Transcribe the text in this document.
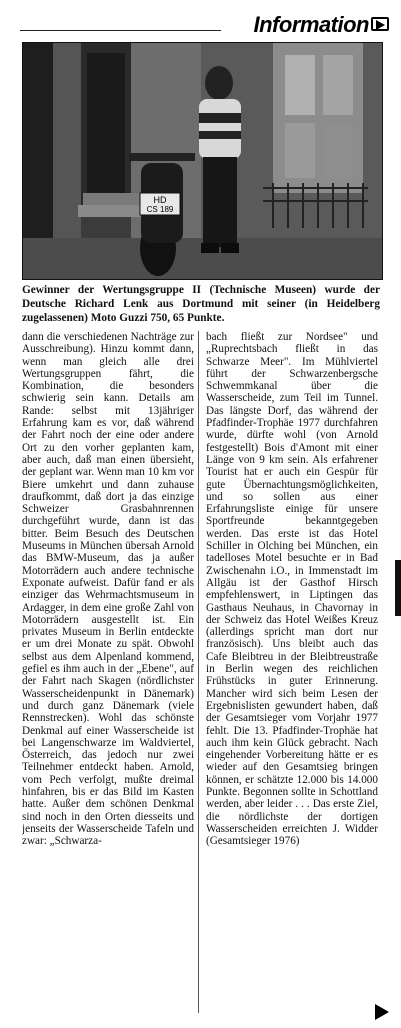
Information
HD
CS 189
Gewinner der Wertungsgruppe II (Technische Museen) wurde der Deutsche Richard Lenk aus Dortmund mit seiner (in Heidelberg zugelassenen) Moto Guzzi 750, 65 Punkte.
dann die verschiedenen Nachträge zur Ausschreibung). Hinzu kommt dann, wenn man gleich alle drei Wertungsgruppen fährt, die Kombination, die besonders schwierig sein kann. Details am Rande: selbst mit 13jähriger Erfahrung kam es vor, daß während der Fahrt noch der eine oder andere Ort zu den vorher geplanten kam, aber auch, daß man einen übersieht, der geplant war. Wenn man 10 km vor Biere umkehrt und dann zuhause draufkommt, daß dort ja das einzige Schweizer Grasbahnrennen durchgeführt wurde, dann ist das bitter. Beim Besuch des Deutschen Museums in München übersah Arnold das BMW-Museum, das ja außer Motorrädern auch andere technische Exponate aufweist. Dafür fand er als einziger das Wehrmachtsmuseum in Ardagger, in dem eine große Zahl von Motorrädern ausgestellt ist. Ein privates Museum in Berlin entdeckte er um drei Monate zu spät. Obwohl selbst aus dem Alpenland kommend, gefiel es ihm auch in der „Ebene", auf der Fahrt nach Skagen (nördlichster Wasserscheidenpunkt in Dänemark) und durch ganz Dänemark (viele Rennstrecken). Wohl das schönste Denkmal auf einer Wasserscheide ist bei Langenschwarze im Waldviertel, Österreich, das jedoch nur zwei Teilnehmer entdeckt haben. Arnold, vom Pech verfolgt, mußte dreimal hinfahren, bis er das Bild im Kasten hatte. Außer dem schönen Denkmal sind noch in den Orten diesseits und jenseits der Wasserscheide Tafeln und zwar: „Schwarza-
bach fließt zur Nordsee" und „Ruprechtsbach fließt in das Schwarze Meer". Im Mühlviertel führt der Schwarzenbergsche Schwemmkanal über die Wasserscheide, zum Teil im Tunnel. Das längste Dorf, das während der Pfadfinder-Trophäe 1977 durchfahren wurde, dürfte wohl (von Arnold festgestellt) Bois d'Amont mit einer Länge von 9 km sein. Als erfahrener Tourist hat er auch ein Gespür für gute Übernachtungsmöglichkeiten, und so sollen aus einer Erfahrungsliste einige für unsere Sportfreunde bekanntgegeben werden. Das erste ist das Hotel Schiller in Olching bei München, ein tadelloses Motel besuchte er in Bad Zwischenahn i.O., in Immenstadt im Allgäu ist der Gasthof Hirsch empfehlenswert, in Liptingen das Gasthaus Neuhaus, in Chavornay in der Schweiz das Hotel Weißes Kreuz (allerdings spricht man dort nur französisch). Uns bleibt auch das Cafe Bleibtreu in der Bleibtreustraße in Berlin wegen des reichlichen Frühstücks in guter Erinnerung. Mancher wird sich beim Lesen der Ergebnislisten gewundert haben, daß der Gesamtsieger vom Vorjahr 1977 fehlt. Die 13. Pfadfinder-Trophäe hat auch ihm kein Glück gebracht. Nach eingehender Vorbereitung hätte er es wieder auf den Gesamtsieg bringen können, er schätzte 12.000 bis 14.000 Punkte. Begonnen sollte in Schottland werden, aber leider . . . Das erste Ziel, die nördlichste der dortigen Wasserscheiden erreichten J. Widder (Gesamtsieger 1976)
